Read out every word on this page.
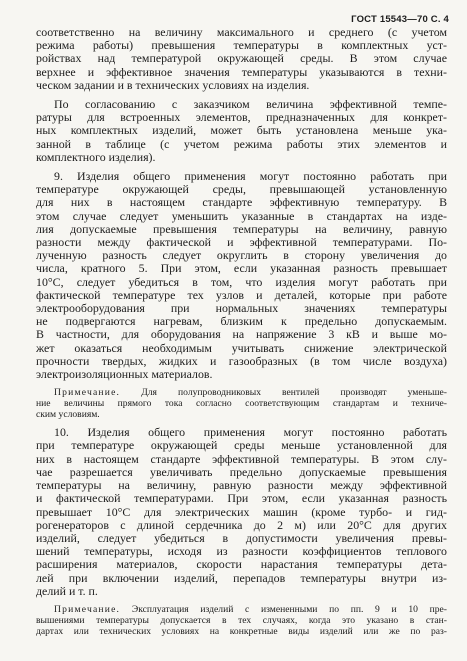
ГОСТ 15543—70 С. 4
соответственно на величину максимального и среднего (с учетом
режима работы) превышения температуры в комплектных уст-
ройствах над температурой окружающей среды. В этом случае
верхнее и эффективное значения температуры указываются в техни-
ческом задании и в технических условиях на изделия.
По согласованию с заказчиком величина эффективной темпе-
ратуры для встроенных элементов, предназначенных для конкрет-
ных комплектных изделий, может быть установлена меньше ука-
занной в таблице (с учетом режима работы этих элементов и
комплектного изделия).
9. Изделия общего применения могут постоянно работать при
температуре окружающей среды, превышающей установленную
для них в настоящем стандарте эффективную температуру. В
этом случае следует уменьшить указанные в стандартах на изде-
лия допускаемые превышения температуры на величину, равную
разности между фактической и эффективной температурами. По-
лученную разность следует округлить в сторону увеличения до
числа, кратного 5. При этом, если указанная разность превышает
10°С, следует убедиться в том, что изделия могут работать при
фактической температуре тех узлов и деталей, которые при работе
электрооборудования при нормальных значениях температуры
не подвергаются нагревам, близким к предельно допускаемым.
В частности, для оборудования на напряжение 3 кВ и выше мо-
жет оказаться необходимым учитывать снижение электрической
прочности твердых, жидких и газообразных (в том числе воздуха)
электроизоляционных материалов.
Примечание. Для полупроводниковых вентилей производят уменьше-
ние величины прямого тока согласно соответствующим стандартам и техниче-
ским условиям.
10. Изделия общего применения могут постоянно работать
при температуре окружающей среды меньше установленной для
них в настоящем стандарте эффективной температуры. В этом слу-
чае разрешается увеличивать предельно допускаемые превышения
температуры на величину, равную разности между эффективной
и фактической температурами. При этом, если указанная разность
превышает 10°С для электрических машин (кроме турбо- и гид-
рогенераторов с длиной сердечника до 2 м) или 20°С для других
изделий, следует убедиться в допустимости увеличения превы-
шений температуры, исходя из разности коэффициентов теплового
расширения материалов, скорости нарастания температуры дета-
лей при включении изделий, перепадов температуры внутри из-
делий и т. п.
Примечание. Эксплуатация изделий с измененными по пп. 9 и 10 пре-
вышениями температуры допускается в тех случаях, когда это указано в стан-
дартах или технических условиях на конкретные виды изделий или же по раз-
